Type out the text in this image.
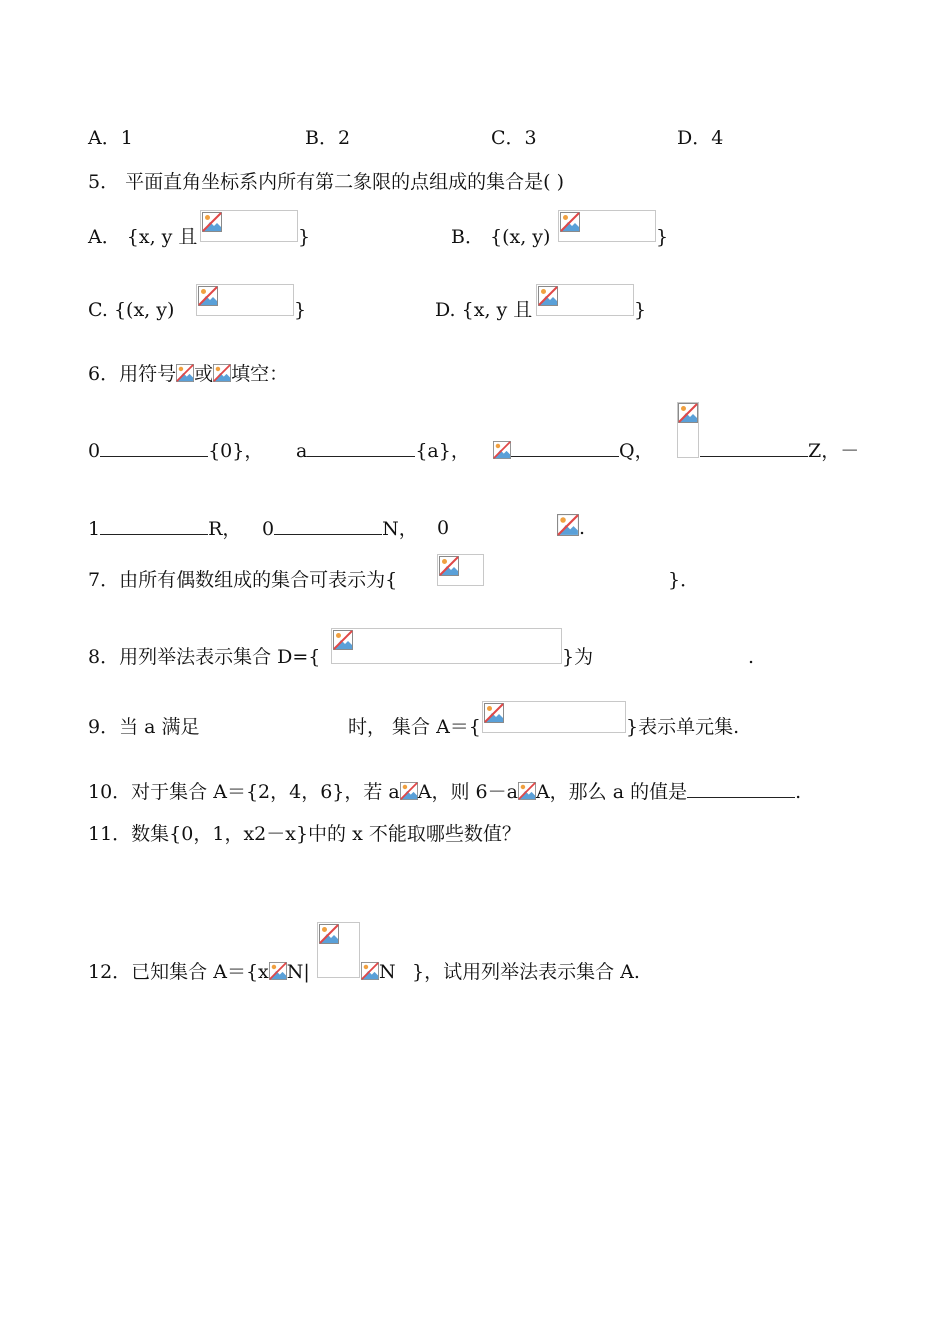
A．1	B．2	C．3	D．4
5． 平面直角坐标系内所有第二象限的点组成的集合是( )
A． {x, y 且	}	B． {(x, y)	}
C. {(x, y)	}	D. {x, y 且	}
6．用符号 或 填空：
0	{0}， a	{a}，	Q，	Z，－
1	R， 0	N， 0	.
7．由所有偶数组成的集合可表示为{	}．
8．用列举法表示集合 D={	}为	.
9．当 a 满足	时， 集合 A＝{	}表示单元集.
10．对于集合 A＝{2，4，6}，若 a A，则 6－a A，那么 a 的值是	.
11．数集{0，1，x2－x}中的 x 不能取哪些数值？
12．已知集合 A＝{x N|	N }，试用列举法表示集合 A.
